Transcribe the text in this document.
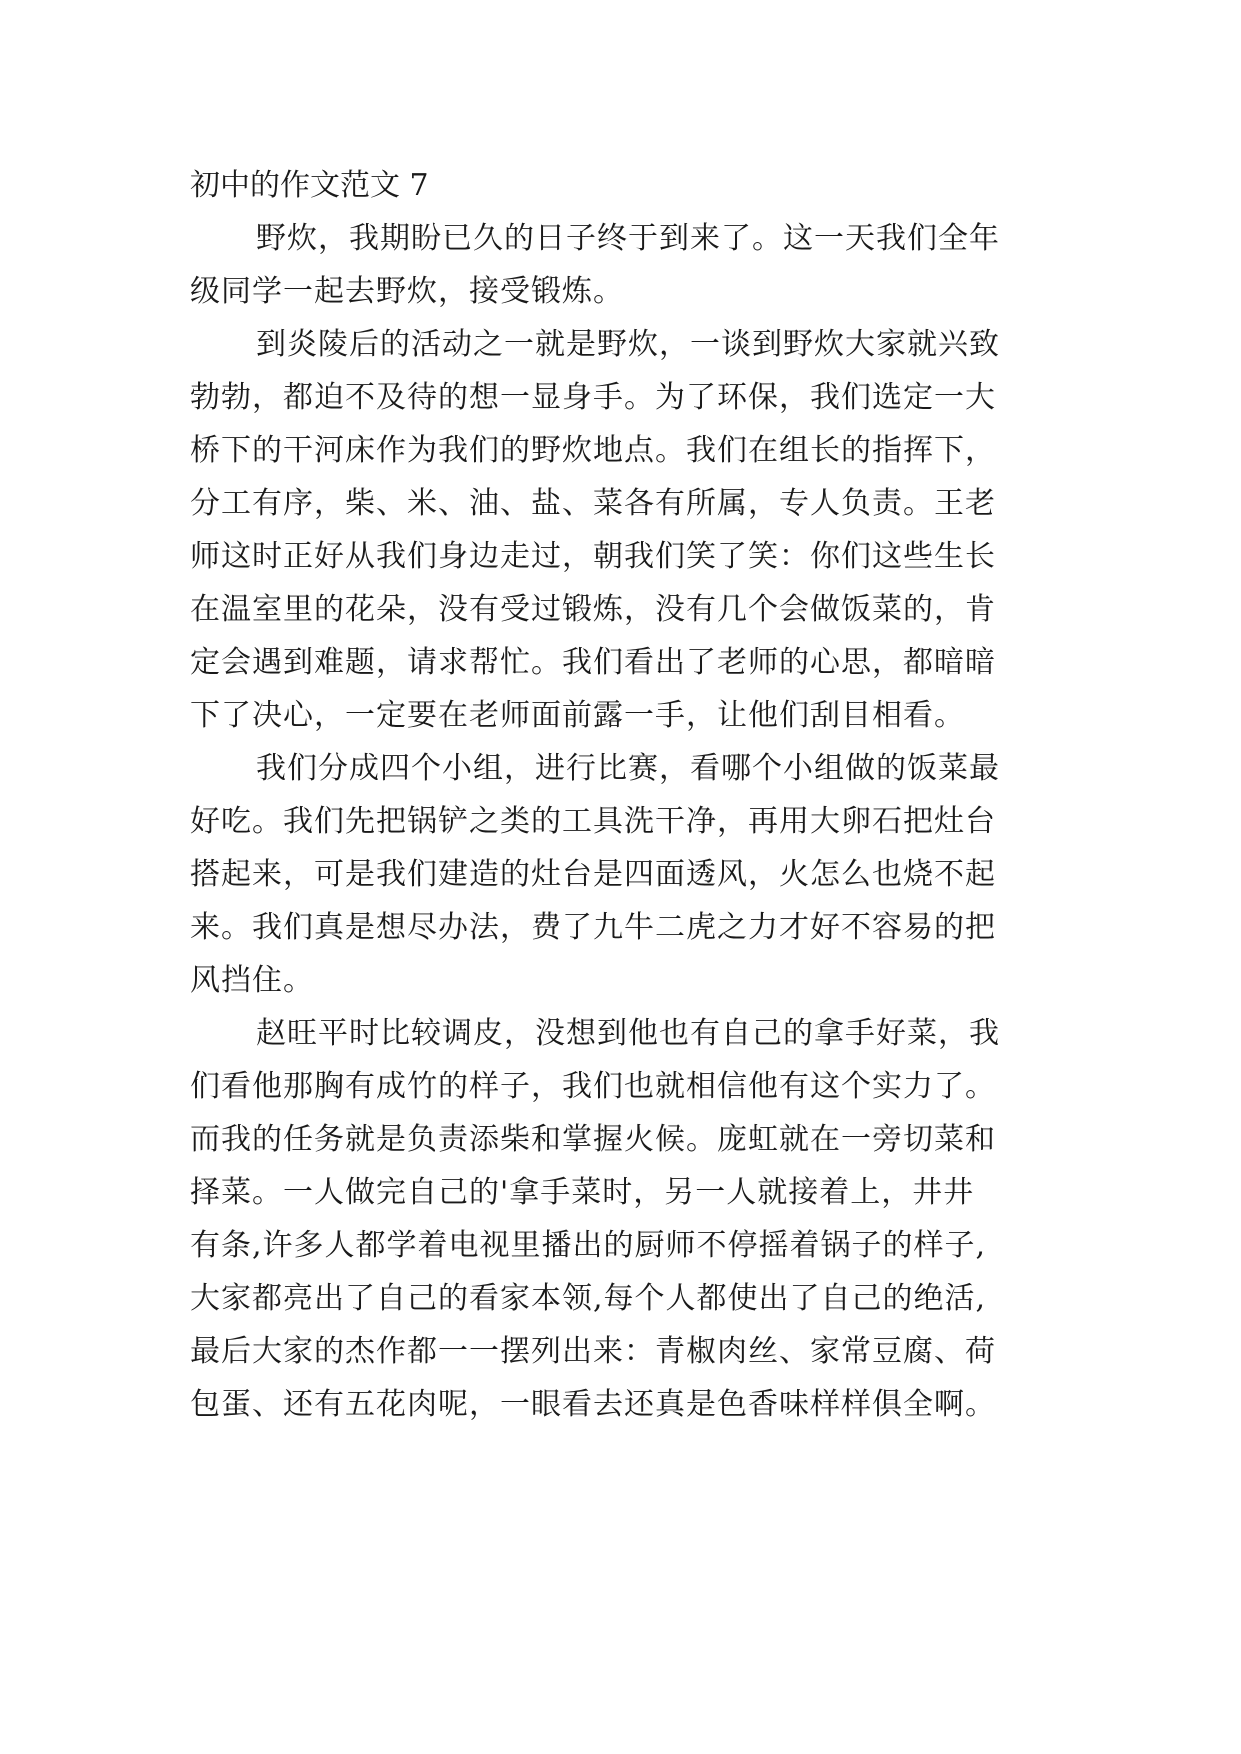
初中的作文范文 7
野炊，我期盼已久的日子终于到来了。这一天我们全年
级同学一起去野炊，接受锻炼。
到炎陵后的活动之一就是野炊，一谈到野炊大家就兴致
勃勃，都迫不及待的想一显身手。为了环保，我们选定一大
桥下的干河床作为我们的野炊地点。我们在组长的指挥下，
分工有序，柴、米、油、盐、菜各有所属，专人负责。王老
师这时正好从我们身边走过，朝我们笑了笑：你们这些生长
在温室里的花朵，没有受过锻炼，没有几个会做饭菜的，肯
定会遇到难题，请求帮忙。我们看出了老师的心思，都暗暗
下了决心，一定要在老师面前露一手，让他们刮目相看。
我们分成四个小组，进行比赛，看哪个小组做的饭菜最
好吃。我们先把锅铲之类的工具洗干净，再用大卵石把灶台
搭起来，可是我们建造的灶台是四面透风，火怎么也烧不起
来。我们真是想尽办法，费了九牛二虎之力才好不容易的把
风挡住。
赵旺平时比较调皮，没想到他也有自己的拿手好菜，我
们看他那胸有成竹的样子，我们也就相信他有这个实力了。
而我的任务就是负责添柴和掌握火候。庞虹就在一旁切菜和
择菜。一人做完自己的'拿手菜时，另一人就接着上，井井
有条,许多人都学着电视里播出的厨师不停摇着锅子的样子,
大家都亮出了自己的看家本领,每个人都使出了自己的绝活,
最后大家的杰作都一一摆列出来：青椒肉丝、家常豆腐、荷
包蛋、还有五花肉呢，一眼看去还真是色香味样样俱全啊。
